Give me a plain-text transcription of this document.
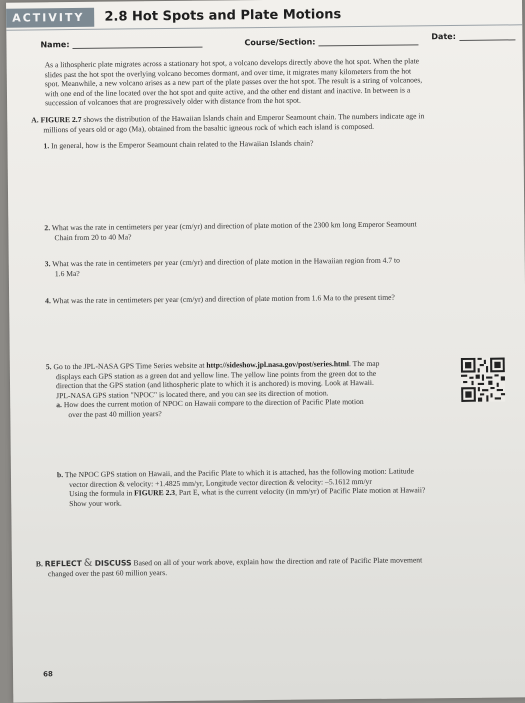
ACTIVITY	2.8 Hot Spots and Plate Motions
Name:	Course/Section:
Date:
As a lithospheric plate migrates across a stationary hot spot, a volcano develops directly above the hot spot. When the plate
slides past the hot spot the overlying volcano becomes dormant, and over time, it migrates many kilometers from the hot
spot. Meanwhile, a new volcano arises as a new part of the plate passes over the hot spot. The result is a string of volcanoes,
with one end of the line located over the hot spot and quite active, and the other end distant and inactive. In between is a
succession of volcanoes that are progressively older with distance from the hot spot.
A. FIGURE 2.7 shows the distribution of the Hawaiian Islands chain and Emperor Seamount chain. The numbers indicate age in
millions of years old or ago (Ma), obtained from the basaltic igneous rock of which each island is composed.
1. In general, how is the Emperor Seamount chain related to the Hawaiian Islands chain?
2. What was the rate in centimeters per year (cm/yr) and direction of plate motion of the 2300 km long Emperor Seamount
Chain from 20 to 40 Ma?
3. What was the rate in centimeters per year (cm/yr) and direction of plate motion in the Hawaiian region from 4.7 to
1.6 Ma?
4. What was the rate in centimeters per year (cm/yr) and direction of plate motion from 1.6 Ma to the present time?
5. Go to the JPL-NASA GPS Time Series website at http://sideshow.jpl.nasa.gov/post/series.html. The map
displays each GPS station as a green dot and yellow line. The yellow line points from the green dot to the
direction that the GPS station (and lithospheric plate to which it is anchored) is moving. Look at Hawaii.
JPL-NASA GPS station "NPOC" is located there, and you can see its direction of motion.
a. How does the current motion of NPOC on Hawaii compare to the direction of Pacific Plate motion
over the past 40 million years?
b. The NPOC GPS station on Hawaii, and the Pacific Plate to which it is attached, has the following motion: Latitude
vector direction & velocity: +1.4825 mm/yr, Longitude vector direction & velocity: –5.1612 mm/yr
Using the formula in FIGURE 2.3, Part E, what is the current velocity (in mm/yr) of Pacific Plate motion at Hawaii?
Show your work.
B. REFLECT & DISCUSS Based on all of your work above, explain how the direction and rate of Pacific Plate movement
changed over the past 60 million years.
68
